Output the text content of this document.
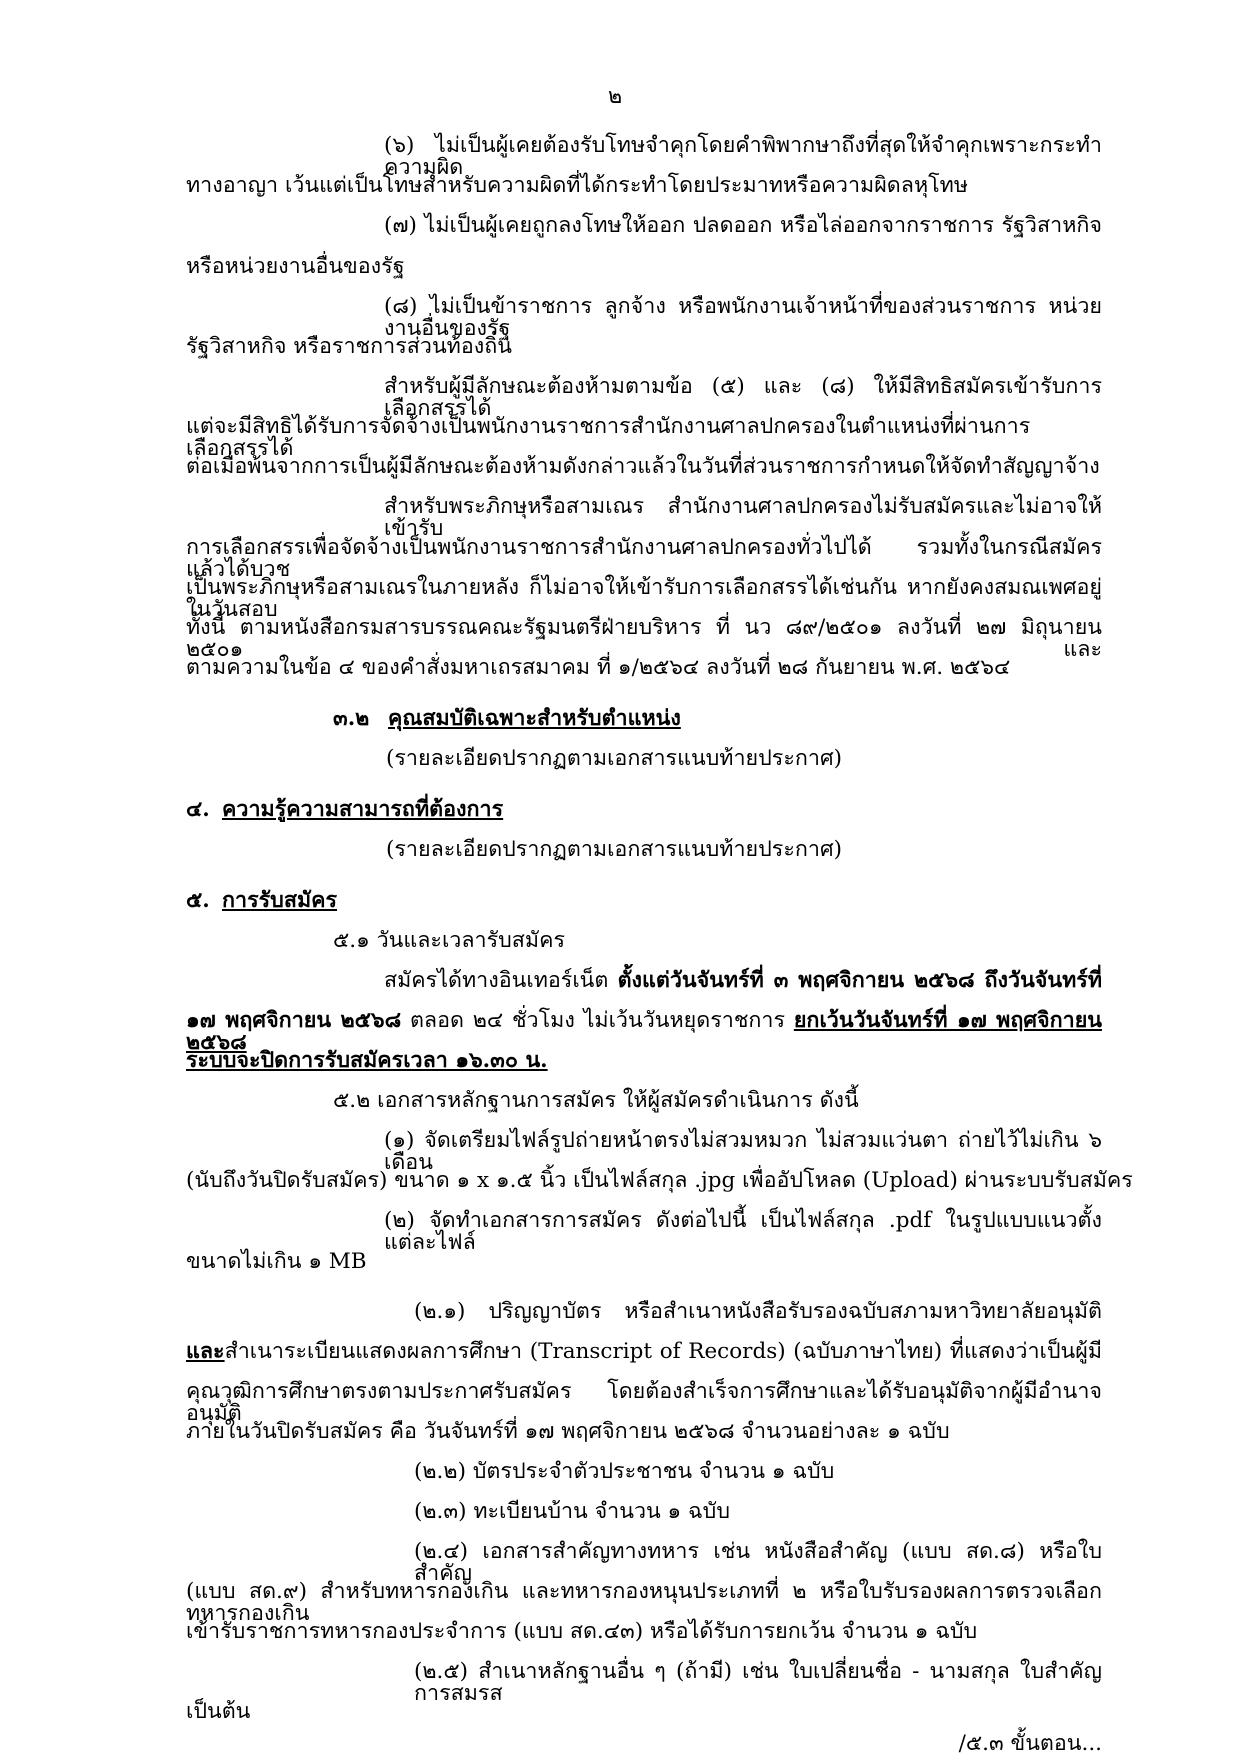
๒
(๖) ไม่เป็นผู้เคยต้องรับโทษจำคุกโดยคำพิพากษาถึงที่สุดให้จำคุกเพราะกระทำความผิด
ทางอาญา เว้นแต่เป็นโทษสำหรับความผิดที่ได้กระทำโดยประมาทหรือความผิดลหุโทษ
(๗) ไม่เป็นผู้เคยถูกลงโทษให้ออก ปลดออก หรือไล่ออกจากราชการ รัฐวิสาหกิจ
หรือหน่วยงานอื่นของรัฐ
(๘) ไม่เป็นข้าราชการ ลูกจ้าง หรือพนักงานเจ้าหน้าที่ของส่วนราชการ หน่วยงานอื่นของรัฐ
รัฐวิสาหกิจ หรือราชการส่วนท้องถิ่น
สำหรับผู้มีลักษณะต้องห้ามตามข้อ (๕) และ (๘) ให้มีสิทธิสมัครเข้ารับการเลือกสรรได้
แต่จะมีสิทธิได้รับการจัดจ้างเป็นพนักงานราชการสำนักงานศาลปกครองในตำแหน่งที่ผ่านการเลือกสรรได้
ต่อเมื่อพ้นจากการเป็นผู้มีลักษณะต้องห้ามดังกล่าวแล้วในวันที่ส่วนราชการกำหนดให้จัดทำสัญญาจ้าง
สำหรับพระภิกษุหรือสามเณร สำนักงานศาลปกครองไม่รับสมัครและไม่อาจให้เข้ารับ
การเลือกสรรเพื่อจัดจ้างเป็นพนักงานราชการสำนักงานศาลปกครองทั่วไปได้ รวมทั้งในกรณีสมัครแล้วได้บวช
เป็นพระภิกษุหรือสามเณรในภายหลัง ก็ไม่อาจให้เข้ารับการเลือกสรรได้เช่นกัน หากยังคงสมณเพศอยู่ในวันสอบ
ทั้งนี้ ตามหนังสือกรมสารบรรณคณะรัฐมนตรีฝ่ายบริหาร ที่ นว ๘๙/๒๕๐๑ ลงวันที่ ๒๗ มิถุนายน ๒๕๐๑ และ
ตามความในข้อ ๔ ของคำสั่งมหาเถรสมาคม ที่ ๑/๒๕๖๔ ลงวันที่ ๒๘ กันยายน พ.ศ. ๒๕๖๔
๓.๒ คุณสมบัติเฉพาะสำหรับตำแหน่ง
(รายละเอียดปรากฏตามเอกสารแนบท้ายประกาศ)
๔. ความรู้ความสามารถที่ต้องการ
(รายละเอียดปรากฏตามเอกสารแนบท้ายประกาศ)
๕. การรับสมัคร
๕.๑ วันและเวลารับสมัคร
สมัครได้ทางอินเทอร์เน็ต ตั้งแต่วันจันทร์ที่ ๓ พฤศจิกายน ๒๕๖๘ ถึงวันจันทร์ที่
๑๗ พฤศจิกายน ๒๕๖๘ ตลอด ๒๔ ชั่วโมง ไม่เว้นวันหยุดราชการ ยกเว้นวันจันทร์ที่ ๑๗ พฤศจิกายน ๒๕๖๘
ระบบจะปิดการรับสมัครเวลา ๑๖.๓๐ น.
๕.๒ เอกสารหลักฐานการสมัคร ให้ผู้สมัครดำเนินการ ดังนี้
(๑) จัดเตรียมไฟล์รูปถ่ายหน้าตรงไม่สวมหมวก ไม่สวมแว่นตา ถ่ายไว้ไม่เกิน ๖ เดือน
(นับถึงวันปิดรับสมัคร) ขนาด ๑ x ๑.๕ นิ้ว เป็นไฟล์สกุล .jpg เพื่ออัปโหลด (Upload) ผ่านระบบรับสมัคร
(๒) จัดทำเอกสารการสมัคร ดังต่อไปนี้ เป็นไฟล์สกุล .pdf ในรูปแบบแนวตั้ง แต่ละไฟล์
ขนาดไม่เกิน ๑ MB
(๒.๑) ปริญญาบัตร หรือสำเนาหนังสือรับรองฉบับสภามหาวิทยาลัยอนุมัติ
และสำเนาระเบียนแสดงผลการศึกษา (Transcript of Records) (ฉบับภาษาไทย) ที่แสดงว่าเป็นผู้มี
คุณวุฒิการศึกษาตรงตามประกาศรับสมัคร โดยต้องสำเร็จการศึกษาและได้รับอนุมัติจากผู้มีอำนาจอนุมัติ
ภายในวันปิดรับสมัคร คือ วันจันทร์ที่ ๑๗ พฤศจิกายน ๒๕๖๘ จำนวนอย่างละ ๑ ฉบับ
(๒.๒) บัตรประจำตัวประชาชน จำนวน ๑ ฉบับ
(๒.๓) ทะเบียนบ้าน จำนวน ๑ ฉบับ
(๒.๔) เอกสารสำคัญทางทหาร เช่น หนังสือสำคัญ (แบบ สด.๘) หรือใบสำคัญ
(แบบ สด.๙) สำหรับทหารกองเกิน และทหารกองหนุนประเภทที่ ๒ หรือใบรับรองผลการตรวจเลือกทหารกองเกิน
เข้ารับราชการทหารกองประจำการ (แบบ สด.๔๓) หรือได้รับการยกเว้น จำนวน ๑ ฉบับ
(๒.๕) สำเนาหลักฐานอื่น ๆ (ถ้ามี) เช่น ใบเปลี่ยนชื่อ - นามสกุล ใบสำคัญการสมรส
เป็นต้น
/๕.๓ ขั้นตอน...
